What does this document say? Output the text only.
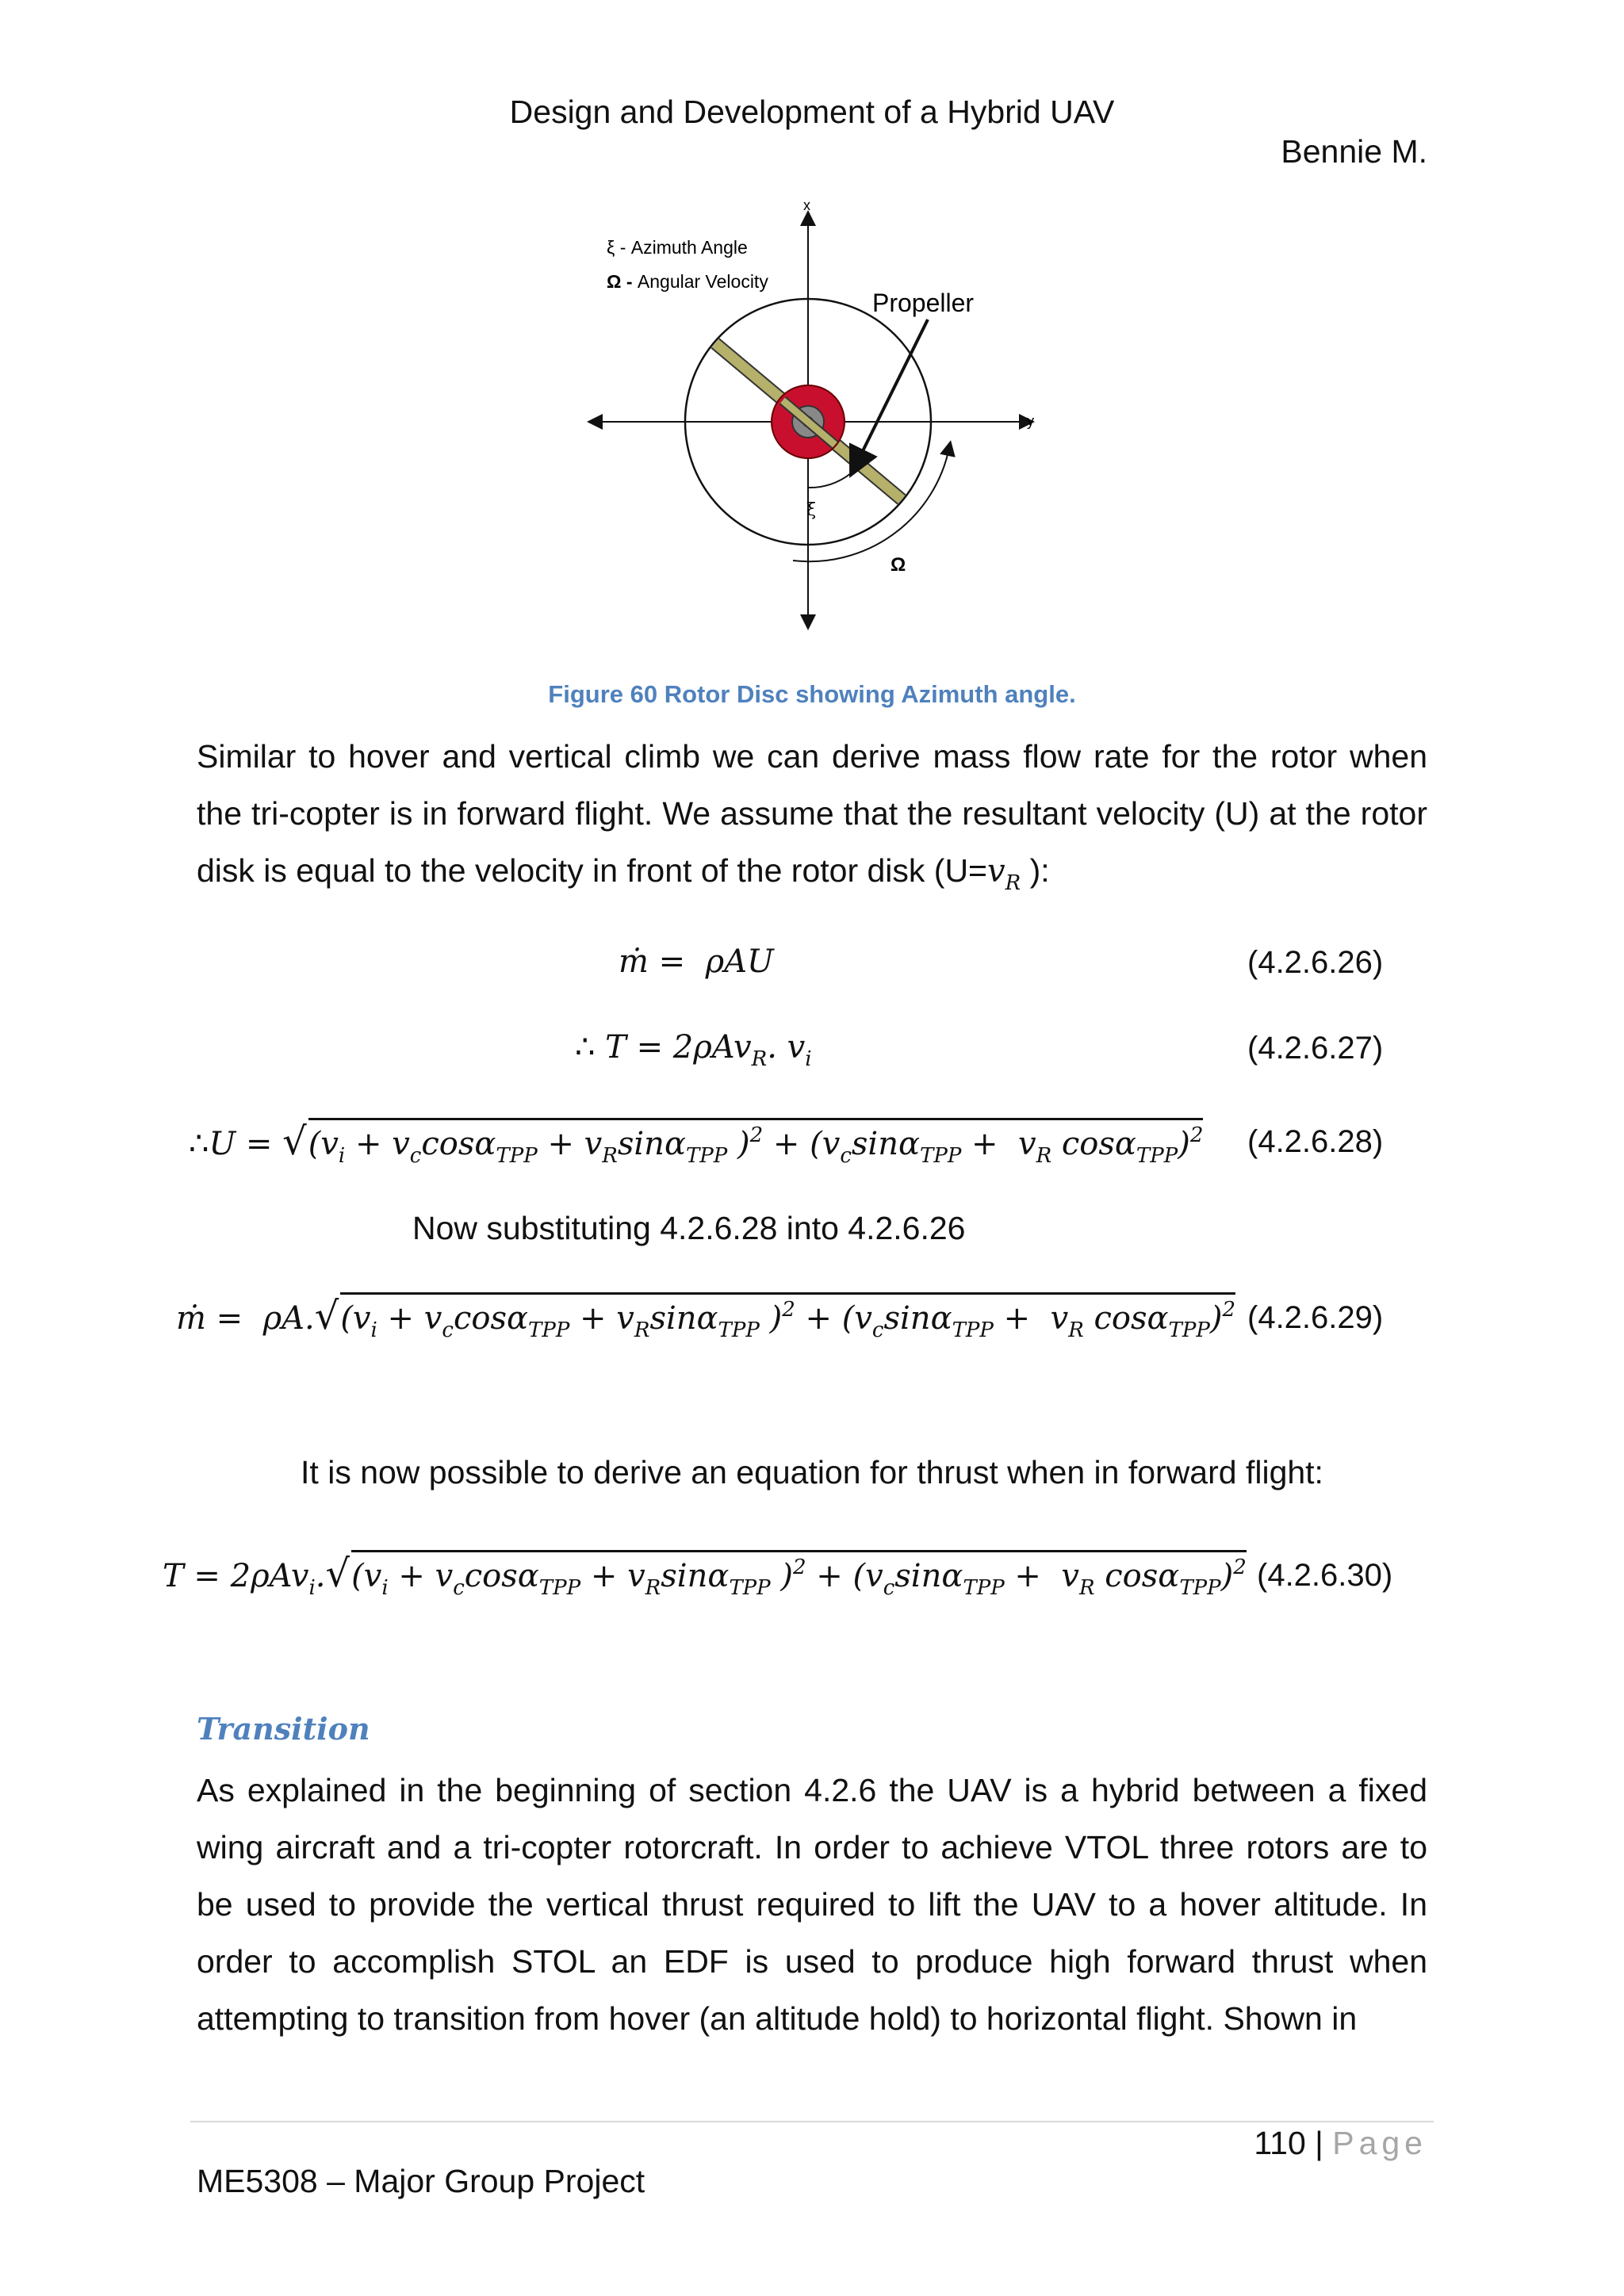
Design and Development of a Hybrid UAV
Bennie M.
x
y
ξ
Ω
Propeller
ξ - Azimuth Angle
Ω - Angular Velocity
Figure 60 Rotor Disc showing Azimuth angle.
Similar to hover and vertical climb we can derive mass flow rate for the rotor when the tri-copter is in forward flight. We assume that the resultant velocity (U) at the rotor disk is equal to the velocity in front of the rotor disk ($U=v_R$ ):
ṁ =  ρAU	(4.2.6.26)
∴ T = 2ρAv$_R$. $v_i$	(4.2.6.27)
∴U = $√(v_i + v_c\cos\alpha_{TPP} + v_R\sin\alpha_{TPP}$ )$^2 + (v_c\sin\alpha_{TPP} + v_R$ cosα$_{TPP}$)$^2$ (4.2.6.28)
Now substituting 4.2.6.28 into 4.2.6.26
ṁ =  $\rho A.√(v_i + v_c\cos\alpha_{TPP} + v_R\sin\alpha_{TPP}$ )$^2 + (v_c\sin\alpha_{TPP} + v_R$ cosα$_{TPP}$)$^2$ (4.2.6.29)
It is now possible to derive an equation for thrust when in forward flight:
$T = 2\rho Av_i.√(v_i + v_c\cos\alpha_{TPP} + v_R\sin\alpha_{TPP}$ )$^2 + (v_c\sin\alpha_{TPP} + v_R$ cosα$_{TPP}$)$^2$ (4.2.6.30)
Transition
As explained in the beginning of section 4.2.6 the UAV is a hybrid between a fixed wing aircraft and a tri-copter rotorcraft. In order to achieve VTOL three rotors are to be used to provide the vertical thrust required to lift the UAV to a hover altitude. In order to accomplish STOL an EDF is used to produce high forward thrust when attempting to transition from hover (an altitude hold) to horizontal flight. Shown in
110 | Page
ME5308 – Major Group Project
